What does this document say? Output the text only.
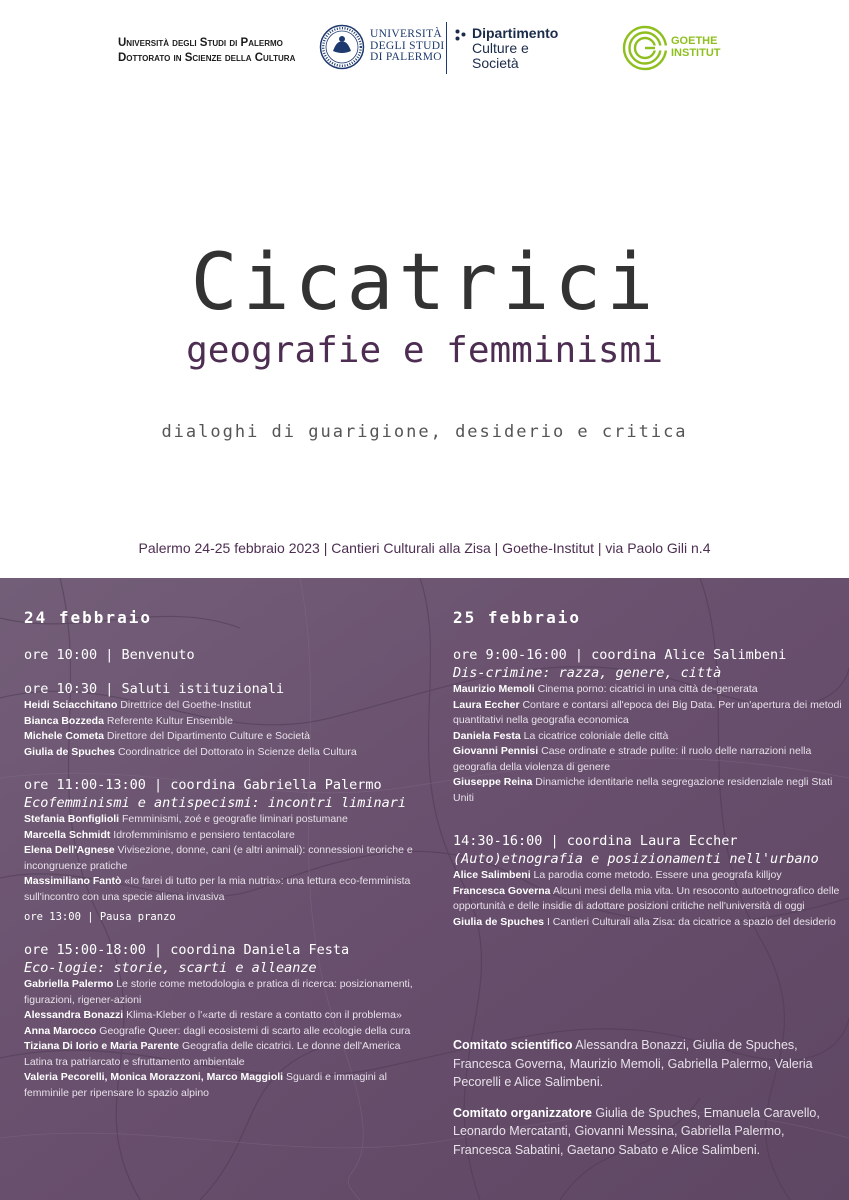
Università degli Studi di Palermo
Dottorato in Scienze della Cultura
UNIVERSITÀ
DEGLI STUDI
DI PALERMO
Dipartimento
Culture e
Società
GOETHE
INSTITUT
Cicatrici
geografie e femminismi
dialoghi di guarigione, desiderio e critica
Palermo 24-25 febbraio 2023 | Cantieri Culturali alla Zisa | Goethe-Institut | via Paolo Gili n.4
24 febbraio
ore 10:00 | Benvenuto
ore 10:30 | Saluti istituzionali
Heidi Sciacchitano Direttrice del Goethe-Institut
Bianca Bozzeda Referente Kultur Ensemble
Michele Cometa Direttore del Dipartimento Culture e Società
Giulia de Spuches Coordinatrice del Dottorato in Scienze della Cultura
ore 11:00-13:00 | coordina Gabriella Palermo
Ecofemminismi e antispecismi: incontri liminari
Stefania Bonfiglioli Femminismi, zoé e geografie liminari postumane
Marcella Schmidt Idrofemminismo e pensiero tentacolare
Elena Dell'Agnese Vivisezione, donne, cani (e altri animali): connessioni teoriche e incongruenze pratiche
Massimiliano Fantò «Io farei di tutto per la mia nutria»: una lettura eco-femminista sull'incontro con una specie aliena invasiva
ore 13:00 | Pausa pranzo
ore 15:00-18:00 | coordina Daniela Festa
Eco-logie: storie, scarti e alleanze
Gabriella Palermo Le storie come metodologia e pratica di ricerca: posizionamenti, figurazioni, rigener-azioni
Alessandra Bonazzi Klima-Kleber o l'«arte di restare a contatto con il problema»
Anna Marocco Geografie Queer: dagli ecosistemi di scarto alle ecologie della cura
Tiziana Di Iorio e Maria Parente Geografia delle cicatrici. Le donne dell'America Latina tra patriarcato e sfruttamento ambientale
Valeria Pecorelli, Monica Morazzoni, Marco Maggioli Sguardi e immagini al femminile per ripensare lo spazio alpino
25 febbraio
ore 9:00-16:00 | coordina Alice Salimbeni
Dis-crimine: razza, genere, città
Maurizio Memoli Cinema porno: cicatrici in una città de-generata
Laura Eccher Contare e contarsi all'epoca dei Big Data. Per un'apertura dei metodi quantitativi nella geografia economica
Daniela Festa La cicatrice coloniale delle città
Giovanni Pennisi Case ordinate e strade pulite: il ruolo delle narrazioni nella geografia della violenza di genere
Giuseppe Reina Dinamiche identitarie nella segregazione residenziale negli Stati Uniti
14:30-16:00 | coordina Laura Eccher
(Auto)etnografia e posizionamenti nell'urbano
Alice Salimbeni La parodia come metodo. Essere una geografa killjoy
Francesca Governa Alcuni mesi della mia vita. Un resoconto autoetnografico delle opportunità e delle insidie di adottare posizioni critiche nell'università di oggi
Giulia de Spuches I Cantieri Culturali alla Zisa: da cicatrice a spazio del desiderio
Comitato scientifico Alessandra Bonazzi, Giulia de Spuches, Francesca Governa, Maurizio Memoli, Gabriella Palermo, Valeria Pecorelli e Alice Salimbeni.
Comitato organizzatore Giulia de Spuches, Emanuela Caravello, Leonardo Mercatanti, Giovanni Messina, Gabriella Palermo, Francesca Sabatini, Gaetano Sabato e Alice Salimbeni.
